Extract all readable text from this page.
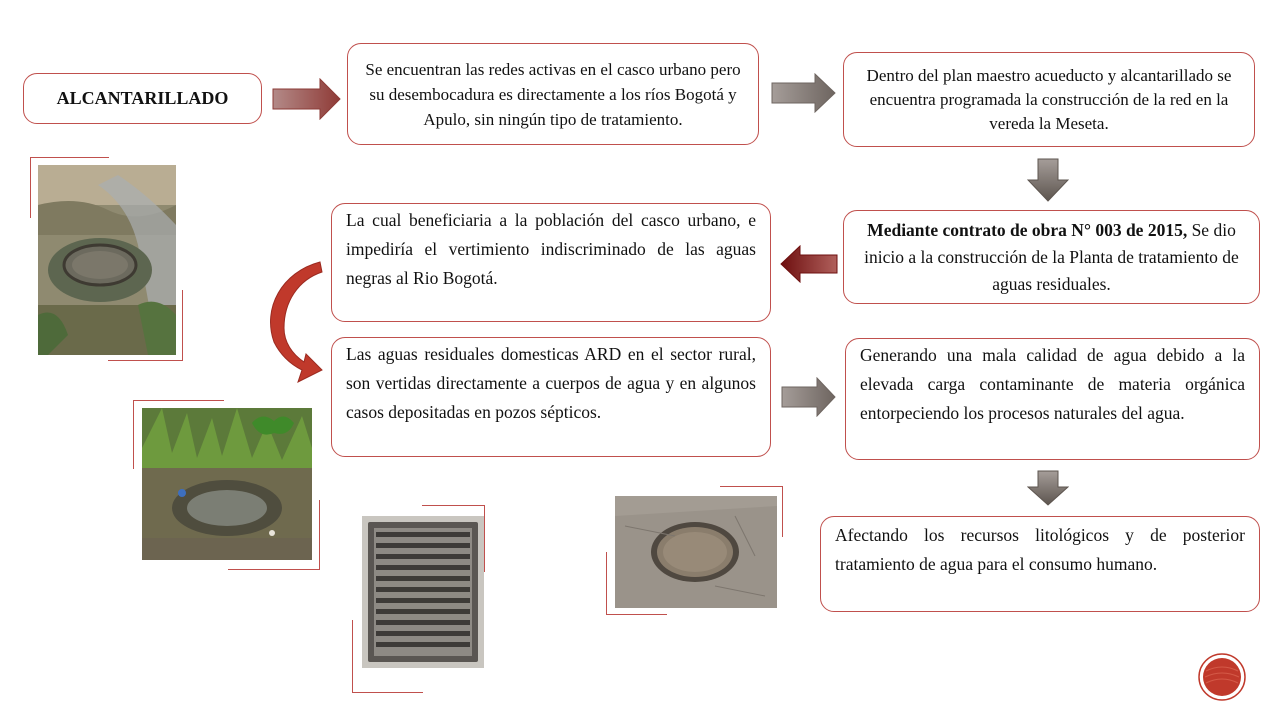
ALCANTARILLADO
Se encuentran las redes activas en el casco urbano pero su desembocadura es directamente a los ríos Bogotá y Apulo, sin ningún tipo de tratamiento.
Dentro del plan maestro acueducto y alcantarillado se encuentra programada la construcción de la red en la vereda la Meseta.
Mediante contrato de obra N° 003 de 2015, Se dio inicio a la construcción de la Planta de tratamiento de aguas residuales.
La cual beneficiaria a la población del casco urbano, e impediría el vertimiento indiscriminado de las aguas negras al Rio Bogotá.
Las aguas residuales domesticas ARD en el sector rural, son vertidas directamente a cuerpos de agua y en algunos casos depositadas en pozos sépticos.
Generando una mala calidad de agua debido a la elevada carga contaminante de materia orgánica entorpeciendo los procesos naturales del agua.
Afectando los recursos litológicos y de posterior tratamiento de agua para el consumo humano.
